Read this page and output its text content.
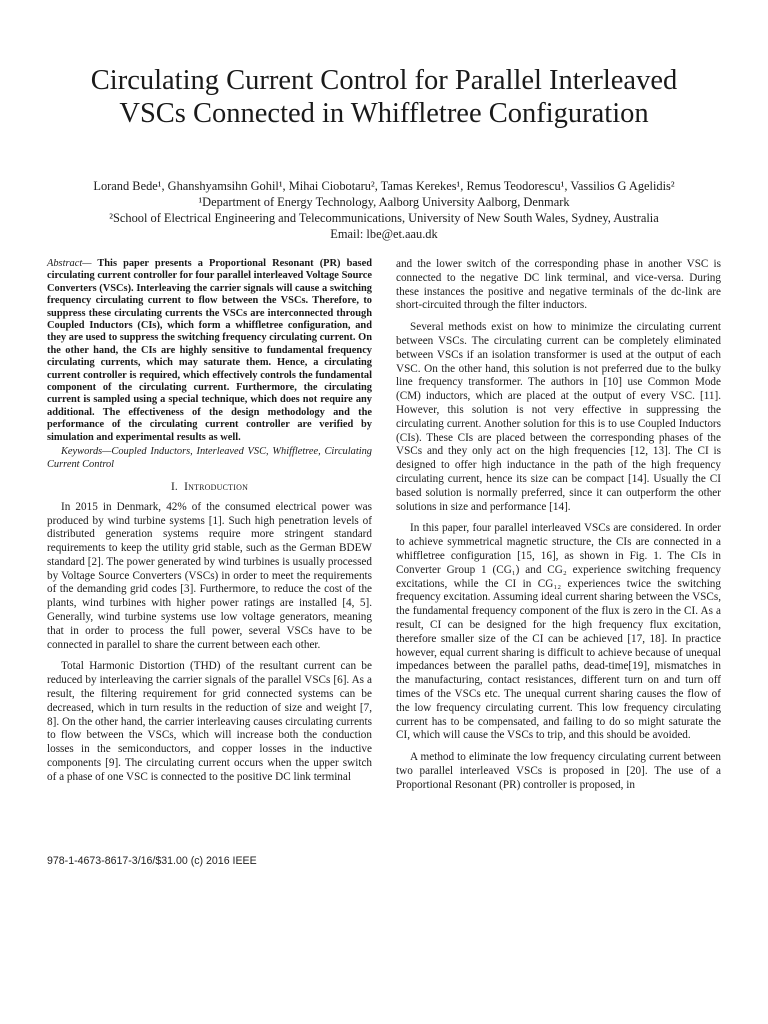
Circulating Current Control for Parallel Interleaved
VSCs Connected in Whiffletree Configuration
Lorand Bede¹, Ghanshyamsihn Gohil¹, Mihai Ciobotaru², Tamas Kerekes¹, Remus Teodorescu¹, Vassilios G Agelidis²
¹Department of Energy Technology, Aalborg University Aalborg, Denmark
²School of Electrical Engineering and Telecommunications, University of New South Wales, Sydney, Australia
Email: lbe@et.aau.dk

Abstract— This paper presents a Proportional Resonant (PR) based circulating current controller for four parallel interleaved Voltage Source Converters (VSCs). Interleaving the carrier signals will cause a switching frequency circulating current to flow between the VSCs. Therefore, to suppress these circulating currents the VSCs are interconnected through Coupled Inductors (CIs), which form a whiffletree configuration, and they are used to suppress the switching frequency circulating current. On the other hand, the CIs are highly sensitive to fundamental frequency circulating currents, which may saturate them. Hence, a circulating current controller is required, which effectively controls the fundamental component of the circulating current. Furthermore, the circulating current is sampled using a special technique, which does not require any additional. The effectiveness of the design methodology and the performance of the circulating current controller are verified by simulation and experimental results as well.

Keywords—Coupled Inductors, Interleaved VSC, Whiffletree, Circulating Current Control

I. Introduction

In 2015 in Denmark, 42% of the consumed electrical power was produced by wind turbine systems [1]. Such high penetration levels of distributed generation systems require more stringent standard requirements to keep the utility grid stable, such as the German BDEW standard [2]. The power generated by wind turbines is usually processed by Voltage Source Converters (VSCs) in order to meet the requirements of the demanding grid codes [3]. Furthermore, to reduce the cost of the plants, wind turbines with higher power ratings are installed [4, 5]. Generally, wind turbine systems use low voltage generators, meaning that in order to process the full power, several VSCs have to be connected in parallel to share the current between each other.

Total Harmonic Distortion (THD) of the resultant current can be reduced by interleaving the carrier signals of the parallel VSCs [6]. As a result, the filtering requirement for grid connected systems can be decreased, which in turn results in the reduction of size and weight [7, 8]. On the other hand, the carrier interleaving causes circulating currents to flow between the VSCs, which will increase both the conduction losses in the semiconductors, and copper losses in the inductive components [9]. The circulating current occurs when the upper switch of a phase of one VSC is connected to the positive DC link terminal

and the lower switch of the corresponding phase in another VSC is connected to the negative DC link terminal, and vice-versa. During these instances the positive and negative terminals of the dc-link are short-circuited through the filter inductors.

Several methods exist on how to minimize the circulating current between VSCs. The circulating current can be completely eliminated between VSCs if an isolation transformer is used at the output of each VSC. On the other hand, this solution is not preferred due to the bulky line frequency transformer. The authors in [10] use Common Mode (CM) inductors, which are placed at the output of every VSC. [11]. However, this solution is not very effective in suppressing the circulating current. Another solution for this is to use Coupled Inductors (CIs). These CIs are placed between the corresponding phases of the VSCs and they only act on the high frequencies [12, 13]. The CI is designed to offer high inductance in the path of the high frequency circulating current, hence its size can be compact [14]. Usually the CI based solution is normally preferred, since it can outperform the other solutions in size and performance [14].

In this paper, four parallel interleaved VSCs are considered. In order to achieve symmetrical magnetic structure, the CIs are connected in a whiffletree configuration [15, 16], as shown in Fig. 1. The CIs in Converter Group 1 (CG₁) and CG₂ experience switching frequency excitations, while the CI in CG₁₂ experiences twice the switching frequency excitation. Assuming ideal current sharing between the VSCs, the fundamental frequency component of the flux is zero in the CI. As a result, CI can be designed for the high frequency flux excitation, therefore smaller size of the CI can be achieved [17, 18]. In practice however, equal current sharing is difficult to achieve because of unequal impedances between the parallel paths, dead-time[19], mismatches in the manufacturing, contact resistances, different turn on and turn off times of the VSCs etc. The unequal current sharing causes the flow of the low frequency circulating current. This low frequency circulating current has to be compensated, and failing to do so might saturate the CI, which will cause the VSCs to trip, and this should be avoided.

A method to eliminate the low frequency circulating current between two parallel interleaved VSCs is proposed in [20]. The use of a Proportional Resonant (PR) controller is proposed, in

978-1-4673-8617-3/16/$31.00 (c) 2016 IEEE
